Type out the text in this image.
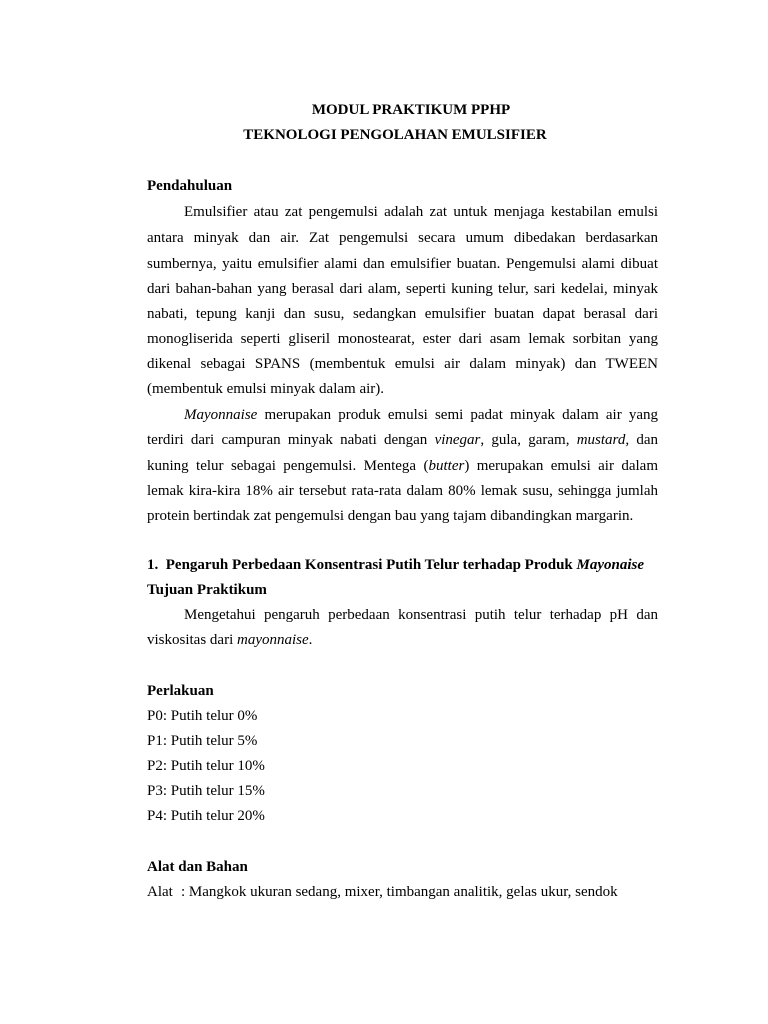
MODUL PRAKTIKUM PPHP
TEKNOLOGI PENGOLAHAN EMULSIFIER
Pendahuluan
Emulsifier atau zat pengemulsi adalah zat untuk menjaga kestabilan emulsi
antara minyak dan air. Zat pengemulsi secara umum dibedakan berdasarkan
sumbernya, yaitu emulsifier alami dan emulsifier buatan. Pengemulsi alami dibuat
dari bahan-bahan yang berasal dari alam, seperti kuning telur, sari kedelai, minyak
nabati, tepung kanji dan susu, sedangkan emulsifier buatan dapat berasal dari
monogliserida seperti gliseril monostearat, ester dari asam lemak sorbitan yang
dikenal sebagai SPANS (membentuk emulsi air dalam minyak) dan TWEEN
(membentuk emulsi minyak dalam air).
Mayonnaise merupakan produk emulsi semi padat minyak dalam air yang
terdiri dari campuran minyak nabati dengan vinegar, gula, garam, mustard, dan
kuning telur sebagai pengemulsi. Mentega (butter) merupakan emulsi air dalam
lemak kira-kira 18% air tersebut rata-rata dalam 80% lemak susu, sehingga jumlah
protein bertindak zat pengemulsi dengan bau yang tajam dibandingkan margarin.
1. Pengaruh Perbedaan Konsentrasi Putih Telur terhadap Produk Mayonaise
Tujuan Praktikum
Mengetahui pengaruh perbedaan konsentrasi putih telur terhadap pH dan
viskositas dari mayonnaise.
Perlakuan
P0: Putih telur 0%
P1: Putih telur 5%
P2: Putih telur 10%
P3: Putih telur 15%
P4: Putih telur 20%
Alat dan Bahan
Alat : Mangkok ukuran sedang, mixer, timbangan analitik, gelas ukur, sendok
